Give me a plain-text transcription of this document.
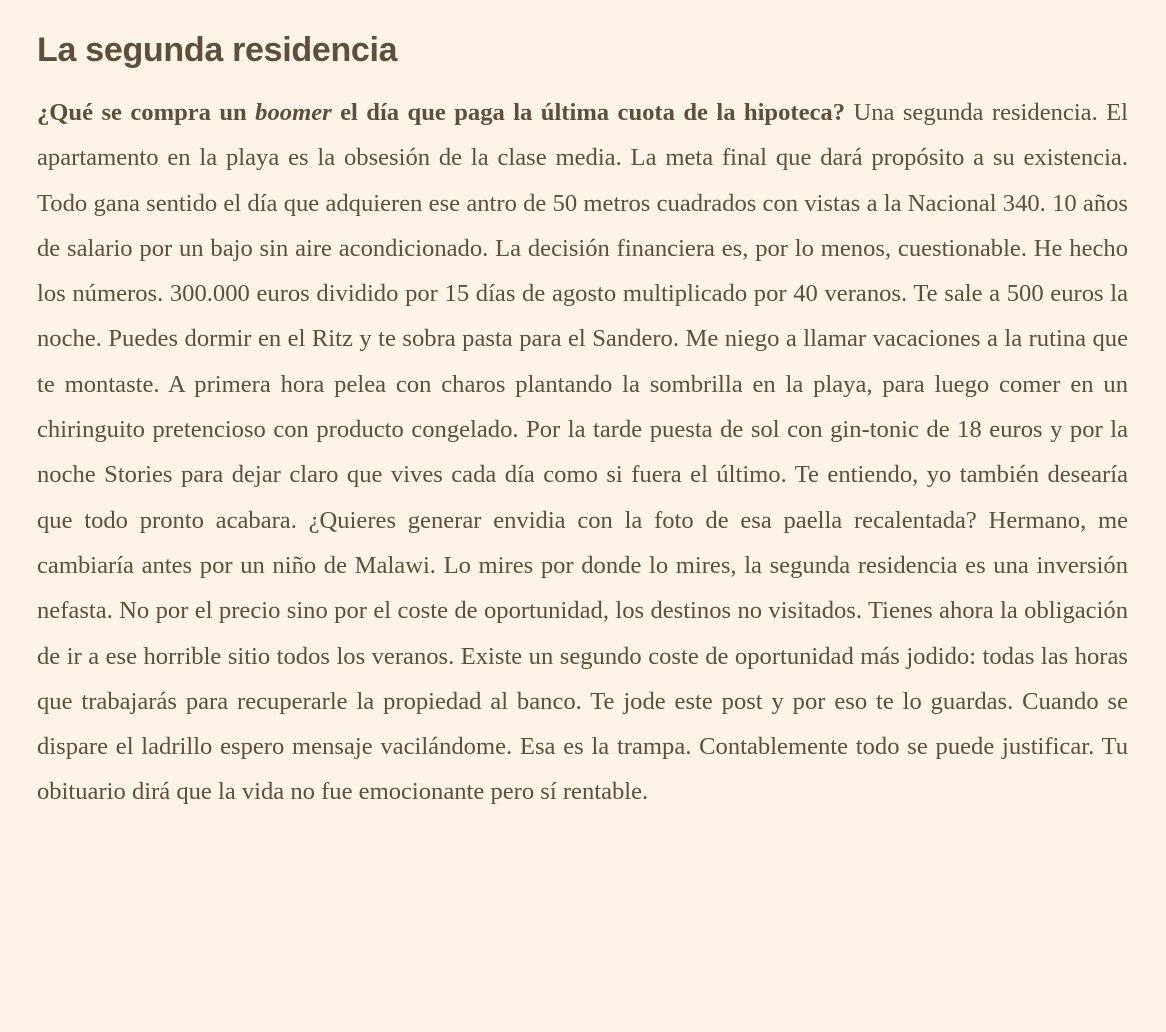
La segunda residencia

¿Qué se compra un boomer el día que paga la última cuota de la hipoteca? Una segunda residencia. El apartamento en la playa es la obsesión de la clase media. La meta final que dará propósito a su existencia. Todo gana sentido el día que adquieren ese antro de 50 metros cuadrados con vistas a la Nacional 340. 10 años de salario por un bajo sin aire acondicionado. La decisión financiera es, por lo menos, cuestionable. He hecho los números. 300.000 euros dividido por 15 días de agosto multiplicado por 40 veranos. Te sale a 500 euros la noche. Puedes dormir en el Ritz y te sobra pasta para el Sandero. Me niego a llamar vacaciones a la rutina que te montaste. A primera hora pelea con charos plantando la sombrilla en la playa, para luego comer en un chiringuito pretencioso con producto congelado. Por la tarde puesta de sol con gin-tonic de 18 euros y por la noche Stories para dejar claro que vives cada día como si fuera el último. Te entiendo, yo también desearía que todo pronto acabara. ¿Quieres generar envidia con la foto de esa paella recalentada? Hermano, me cambiaría antes por un niño de Malawi. Lo mires por donde lo mires, la segunda residencia es una inversión nefasta. No por el precio sino por el coste de oportunidad, los destinos no visitados. Tienes ahora la obligación de ir a ese horrible sitio todos los veranos. Existe un segundo coste de oportunidad más jodido: todas las horas que trabajarás para recuperarle la propiedad al banco. Te jode este post y por eso te lo guardas. Cuando se dispare el ladrillo espero mensaje vacilándome. Esa es la trampa. Contablemente todo se puede justificar. Tu obituario dirá que la vida no fue emocionante pero sí rentable.
